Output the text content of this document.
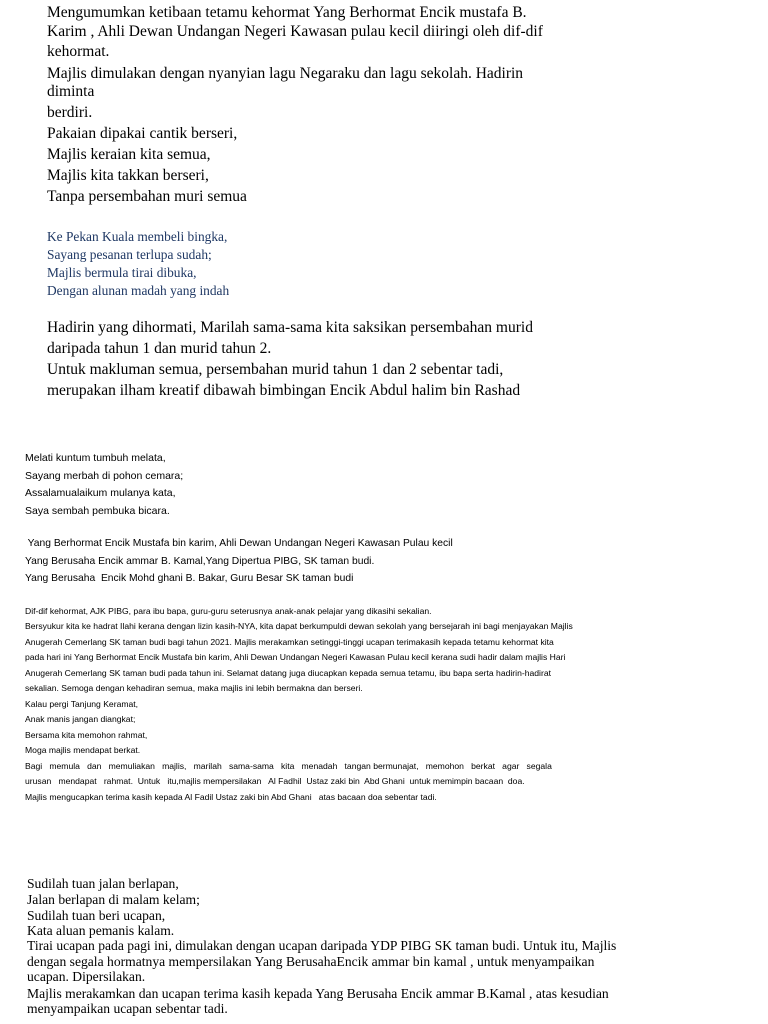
Mengumumkan ketibaan tetamu kehormat Yang Berhormat Encik mustafa B.

Karim , Ahli Dewan Undangan Negeri Kawasan pulau kecil diiringi oleh dif-dif

kehormat.

Majlis dimulakan dengan nyanyian lagu Negaraku dan lagu sekolah. Hadirin

diminta

berdiri.

Pakaian dipakai cantik berseri,

Majlis keraian kita semua,

Majlis kita takkan berseri,

Tanpa persembahan muri semua

Ke Pekan Kuala membeli bingka,

Sayang pesanan terlupa sudah;

Majlis bermula tirai dibuka,

Dengan alunan madah yang indah

Hadirin yang dihormati, Marilah sama-sama kita saksikan persembahan murid

daripada tahun 1 dan murid tahun 2.

Untuk makluman semua, persembahan murid tahun 1 dan 2 sebentar tadi,

merupakan ilham kreatif dibawah bimbingan Encik Abdul halim bin Rashad

Melati kuntum tumbuh melata,

Sayang merbah di pohon cemara;

Assalamualaikum mulanya kata,

Saya sembah pembuka bicara.

Yang Berhormat Encik Mustafa bin karim, Ahli Dewan Undangan Negeri Kawasan Pulau kecil

Yang Berusaha Encik ammar B. Kamal,Yang Dipertua PIBG, SK taman budi.

Yang Berusaha  Encik Mohd ghani B. Bakar, Guru Besar SK taman budi

Dif-dif kehormat, AJK PIBG, para ibu bapa, guru-guru seterusnya anak-anak pelajar yang dikasihi sekalian.

Bersyukur kita ke hadrat Ilahi kerana dengan lizin kasih-NYA, kita dapat berkumpuldi dewan sekolah yang bersejarah ini bagi menjayakan Majlis

Anugerah Cemerlang SK taman budi bagi tahun 2021. Majlis merakamkan setinggi-tinggi ucapan terimakasih kepada tetamu kehormat kita

pada hari ini Yang Berhormat Encik Mustafa bin karim, Ahli Dewan Undangan Negeri Kawasan Pulau kecil kerana sudi hadir dalam majlis Hari

Anugerah Cemerlang SK taman budi pada tahun ini. Selamat datang juga diucapkan kepada semua tetamu, ibu bapa serta hadirin-hadirat

sekalian. Semoga dengan kehadiran semua, maka majlis ini lebih bermakna dan berseri.

Kalau pergi Tanjung Keramat,

Anak manis jangan diangkat;

Bersama kita memohon rahmat,

Moga majlis mendapat berkat.

Bagi   memula   dan   memuliakan   majlis,   marilah   sama-sama   kita   menadah   tangan bermunajat,   memohon   berkat   agar   segala

urusan   mendapat   rahmat.  Untuk   itu,majlis mempersilakan   Al Fadhil  Ustaz zaki bin  Abd Ghani  untuk memimpin bacaan  doa.

Majlis mengucapkan terima kasih kepada Al Fadil Ustaz zaki bin Abd Ghani   atas bacaan doa sebentar tadi.

Sudilah tuan jalan berlapan,

Jalan berlapan di malam kelam;

Sudilah tuan beri ucapan,

Kata aluan pemanis kalam.

Tirai ucapan pada pagi ini, dimulakan dengan ucapan daripada YDP PIBG SK taman budi. Untuk itu, Majlis

dengan segala hormatnya mempersilakan Yang BerusahaEncik ammar bin kamal , untuk menyampaikan

ucapan. Dipersilakan.

Majlis merakamkan dan ucapan terima kasih kepada Yang Berusaha Encik ammar B.Kamal , atas kesudian

menyampaikan ucapan sebentar tadi.
